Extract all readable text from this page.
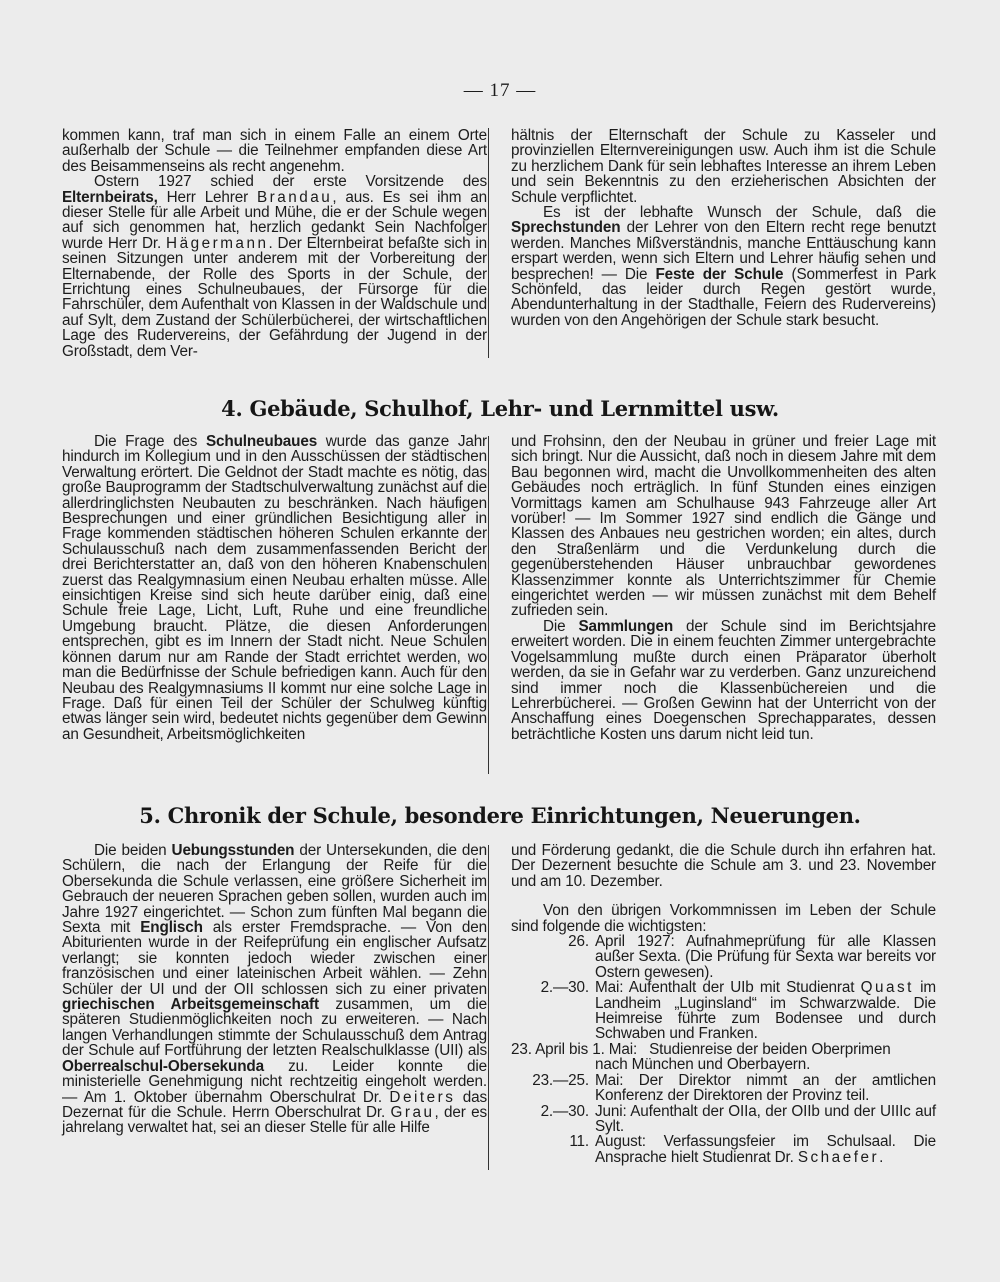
— 17 —

kommen kann, traf man sich in einem Falle an einem Orte außerhalb der Schule — die Teilnehmer empfanden diese Art des Beisammenseins als recht angenehm.

Ostern 1927 schied der erste Vorsitzende des Elternbeirats, Herr Lehrer Brandau, aus. Es sei ihm an dieser Stelle für alle Arbeit und Mühe, die er der Schule wegen auf sich genommen hat, herzlich gedankt Sein Nachfolger wurde Herr Dr. Hägermann. Der Elternbeirat befaßte sich in seinen Sitzungen unter anderem mit der Vorbereitung der Elternabende, der Rolle des Sports in der Schule, der Errichtung eines Schulneubaues, der Fürsorge für die Fahrschüler, dem Aufenthalt von Klassen in der Waldschule und auf Sylt, dem Zustand der Schülerbücherei, der wirtschaftlichen Lage des Rudervereins, der Gefährdung der Jugend in der Großstadt, dem Ver-

hältnis der Elternschaft der Schule zu Kasseler und provinziellen Elternvereinigungen usw. Auch ihm ist die Schule zu herzlichem Dank für sein lebhaftes Interesse an ihrem Leben und sein Bekenntnis zu den erzieherischen Absichten der Schule verpflichtet.

Es ist der lebhafte Wunsch der Schule, daß die Sprechstunden der Lehrer von den Eltern recht rege benutzt werden. Manches Mißverständnis, manche Enttäuschung kann erspart werden, wenn sich Eltern und Lehrer häufig sehen und besprechen! — Die Feste der Schule (Sommerfest in Park Schönfeld, das leider durch Regen gestört wurde, Abendunterhaltung in der Stadthalle, Feiern des Rudervereins) wurden von den Angehörigen der Schule stark besucht.

4. Gebäude, Schulhof, Lehr- und Lernmittel usw.

Die Frage des Schulneubaues wurde das ganze Jahr hindurch im Kollegium und in den Ausschüssen der städtischen Verwaltung erörtert. Die Geldnot der Stadt machte es nötig, das große Bauprogramm der Stadtschulverwaltung zunächst auf die allerdringlichsten Neubauten zu beschränken. Nach häufigen Besprechungen und einer gründlichen Besichtigung aller in Frage kommenden städtischen höheren Schulen erkannte der Schulausschuß nach dem zusammenfassenden Bericht der drei Berichterstatter an, daß von den höheren Knabenschulen zuerst das Realgymnasium einen Neubau erhalten müsse. Alle einsichtigen Kreise sind sich heute darüber einig, daß eine Schule freie Lage, Licht, Luft, Ruhe und eine freundliche Umgebung braucht. Plätze, die diesen Anforderungen entsprechen, gibt es im Innern der Stadt nicht. Neue Schulen können darum nur am Rande der Stadt errichtet werden, wo man die Bedürfnisse der Schule befriedigen kann. Auch für den Neubau des Realgymnasiums II kommt nur eine solche Lage in Frage. Daß für einen Teil der Schüler der Schulweg künftig etwas länger sein wird, bedeutet nichts gegenüber dem Gewinn an Gesundheit, Arbeitsmöglichkeiten

und Frohsinn, den der Neubau in grüner und freier Lage mit sich bringt. Nur die Aussicht, daß noch in diesem Jahre mit dem Bau begonnen wird, macht die Unvollkommenheiten des alten Gebäudes noch erträglich. In fünf Stunden eines einzigen Vormittags kamen am Schulhause 943 Fahrzeuge aller Art vorüber! — Im Sommer 1927 sind endlich die Gänge und Klassen des Anbaues neu gestrichen worden; ein altes, durch den Straßenlärm und die Verdunkelung durch die gegenüberstehenden Häuser unbrauchbar gewordenes Klassenzimmer konnte als Unterrichtszimmer für Chemie eingerichtet werden — wir müssen zunächst mit dem Behelf zufrieden sein.

Die Sammlungen der Schule sind im Berichtsjahre erweitert worden. Die in einem feuchten Zimmer untergebrachte Vogelsammlung mußte durch einen Präparator überholt werden, da sie in Gefahr war zu verderben. Ganz unzureichend sind immer noch die Klassenbüchereien und die Lehrerbücherei. — Großen Gewinn hat der Unterricht von der Anschaffung eines Doegenschen Sprechapparates, dessen beträchtliche Kosten uns darum nicht leid tun.

5. Chronik der Schule, besondere Einrichtungen, Neuerungen.

Die beiden Uebungsstunden der Untersekunden, die den Schülern, die nach der Erlangung der Reife für die Obersekunda die Schule verlassen, eine größere Sicherheit im Gebrauch der neueren Sprachen geben sollen, wurden auch im Jahre 1927 eingerichtet. — Schon zum fünften Mal begann die Sexta mit Englisch als erster Fremdsprache. — Von den Abiturienten wurde in der Reifeprüfung ein englischer Aufsatz verlangt; sie konnten jedoch wieder zwischen einer französischen und einer lateinischen Arbeit wählen. — Zehn Schüler der UI und der OII schlossen sich zu einer privaten griechischen Arbeitsgemeinschaft zusammen, um die späteren Studienmöglichkeiten noch zu erweiteren. — Nach langen Verhandlungen stimmte der Schulausschuß dem Antrag der Schule auf Fortführung der letzten Realschulklasse (UII) als Oberrealschul-Obersekunda zu. Leider konnte die ministerielle Genehmigung nicht rechtzeitig eingeholt werden. — Am 1. Oktober übernahm Oberschulrat Dr. Deiters das Dezernat für die Schule. Herrn Oberschulrat Dr. Grau, der es jahrelang verwaltet hat, sei an dieser Stelle für alle Hilfe

und Förderung gedankt, die die Schule durch ihn erfahren hat. Der Dezernent besuchte die Schule am 3. und 23. November und am 10. Dezember.

Von den übrigen Vorkommnissen im Leben der Schule sind folgende die wichtigsten:

26. April 1927: Aufnahmeprüfung für alle Klassen außer Sexta. (Die Prüfung für Sexta war bereits vor Ostern gewesen).
2.—30. Mai: Aufenthalt der UIb mit Studienrat Quast im Landheim „Luginsland“ im Schwarzwalde. Die Heimreise führte zum Bodensee und durch Schwaben und Franken.
23. April bis 1. Mai: Studienreise der beiden Oberprimen
nach München und Oberbayern.
23.—25. Mai: Der Direktor nimmt an der amtlichen Konferenz der Direktoren der Provinz teil.
2.—30. Juni: Aufenthalt der OIIa, der OIIb und der UIIIc auf Sylt.
11. August: Verfassungsfeier im Schulsaal. Die Ansprache hielt Studienrat Dr. Schaefer.
